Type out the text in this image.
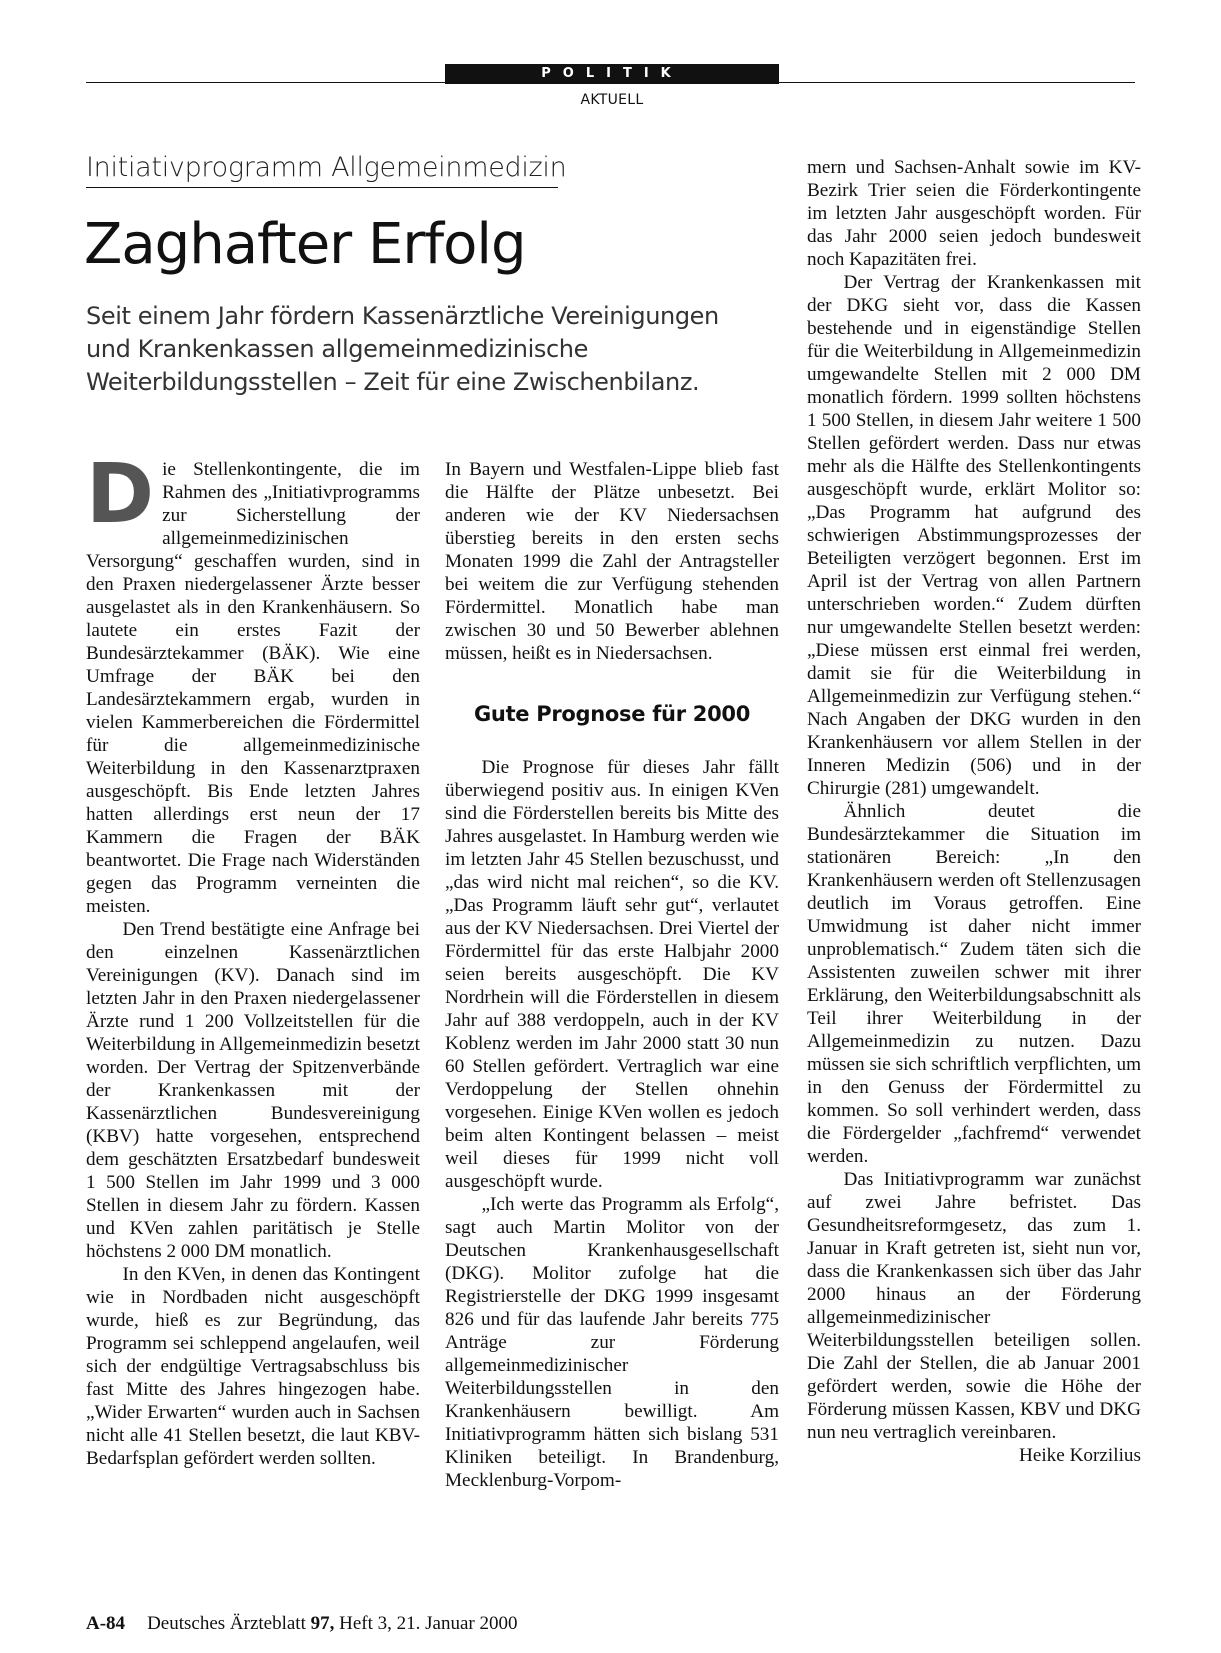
POLITIK
AKTUELL
Initiativprogramm Allgemeinmedizin
Zaghafter Erfolg
Seit einem Jahr fördern Kassenärztliche Vereinigungen und Krankenkassen allgemeinmedizinische Weiterbildungsstellen – Zeit für eine Zwischenbilanz.

Die Stellenkontingente, die im Rahmen des „Initiativprogramms zur Sicherstellung der allgemeinmedizinischen Versorgung“ geschaffen wurden, sind in den Praxen niedergelassener Ärzte besser ausgelastet als in den Krankenhäusern. So lautete ein erstes Fazit der Bundesärztekammer (BÄK). Wie eine Umfrage der BÄK bei den Landesärztekammern ergab, wurden in vielen Kammerbereichen die Fördermittel für die allgemeinmedizinische Weiterbildung in den Kassenarztpraxen ausgeschöpft. Bis Ende letzten Jahres hatten allerdings erst neun der 17 Kammern die Fragen der BÄK beantwortet. Die Frage nach Widerständen gegen das Programm verneinten die meisten.

Den Trend bestätigte eine Anfrage bei den einzelnen Kassenärztlichen Vereinigungen (KV). Danach sind im letzten Jahr in den Praxen niedergelassener Ärzte rund 1 200 Vollzeitstellen für die Weiterbildung in Allgemeinmedizin besetzt worden. Der Vertrag der Spitzenverbände der Krankenkassen mit der Kassenärztlichen Bundesvereinigung (KBV) hatte vorgesehen, entsprechend dem geschätzten Ersatzbedarf bundesweit 1 500 Stellen im Jahr 1999 und 3 000 Stellen in diesem Jahr zu fördern. Kassen und KVen zahlen paritätisch je Stelle höchstens 2 000 DM monatlich.

In den KVen, in denen das Kontingent wie in Nordbaden nicht ausgeschöpft wurde, hieß es zur Begründung, das Programm sei schleppend angelaufen, weil sich der endgültige Vertragsabschluss bis fast Mitte des Jahres hingezogen habe. „Wider Erwarten“ wurden auch in Sachsen nicht alle 41 Stellen besetzt, die laut KBV-Bedarfsplan gefördert werden sollten.

In Bayern und Westfalen-Lippe blieb fast die Hälfte der Plätze unbesetzt. Bei anderen wie der KV Niedersachsen überstieg bereits in den ersten sechs Monaten 1999 die Zahl der Antragsteller bei weitem die zur Verfügung stehenden Fördermittel. Monatlich habe man zwischen 30 und 50 Bewerber ablehnen müssen, heißt es in Niedersachsen.

Gute Prognose für 2000

Die Prognose für dieses Jahr fällt überwiegend positiv aus. In einigen KVen sind die Förderstellen bereits bis Mitte des Jahres ausgelastet. In Hamburg werden wie im letzten Jahr 45 Stellen bezuschusst, und „das wird nicht mal reichen“, so die KV. „Das Programm läuft sehr gut“, verlautet aus der KV Niedersachsen. Drei Viertel der Fördermittel für das erste Halbjahr 2000 seien bereits ausgeschöpft. Die KV Nordrhein will die Förderstellen in diesem Jahr auf 388 verdoppeln, auch in der KV Koblenz werden im Jahr 2000 statt 30 nun 60 Stellen gefördert. Vertraglich war eine Verdoppelung der Stellen ohnehin vorgesehen. Einige KVen wollen es jedoch beim alten Kontingent belassen – meist weil dieses für 1999 nicht voll ausgeschöpft wurde.

„Ich werte das Programm als Erfolg“, sagt auch Martin Molitor von der Deutschen Krankenhausgesellschaft (DKG). Molitor zufolge hat die Registrierstelle der DKG 1999 insgesamt 826 und für das laufende Jahr bereits 775 Anträge zur Förderung allgemeinmedizinischer Weiterbildungsstellen in den Krankenhäusern bewilligt. Am Initiativprogramm hätten sich bislang 531 Kliniken beteiligt. In Brandenburg, Mecklenburg-Vorpom-

mern und Sachsen-Anhalt sowie im KV-Bezirk Trier seien die Förderkontingente im letzten Jahr ausgeschöpft worden. Für das Jahr 2000 seien jedoch bundesweit noch Kapazitäten frei.

Der Vertrag der Krankenkassen mit der DKG sieht vor, dass die Kassen bestehende und in eigenständige Stellen für die Weiterbildung in Allgemeinmedizin umgewandelte Stellen mit 2 000 DM monatlich fördern. 1999 sollten höchstens 1 500 Stellen, in diesem Jahr weitere 1 500 Stellen gefördert werden. Dass nur etwas mehr als die Hälfte des Stellenkontingents ausgeschöpft wurde, erklärt Molitor so: „Das Programm hat aufgrund des schwierigen Abstimmungsprozesses der Beteiligten verzögert begonnen. Erst im April ist der Vertrag von allen Partnern unterschrieben worden.“ Zudem dürften nur umgewandelte Stellen besetzt werden: „Diese müssen erst einmal frei werden, damit sie für die Weiterbildung in Allgemeinmedizin zur Verfügung stehen.“ Nach Angaben der DKG wurden in den Krankenhäusern vor allem Stellen in der Inneren Medizin (506) und in der Chirurgie (281) umgewandelt.

Ähnlich deutet die Bundesärztekammer die Situation im stationären Bereich: „In den Krankenhäusern werden oft Stellenzusagen deutlich im Voraus getroffen. Eine Umwidmung ist daher nicht immer unproblematisch.“ Zudem täten sich die Assistenten zuweilen schwer mit ihrer Erklärung, den Weiterbildungsabschnitt als Teil ihrer Weiterbildung in der Allgemeinmedizin zu nutzen. Dazu müssen sie sich schriftlich verpflichten, um in den Genuss der Fördermittel zu kommen. So soll verhindert werden, dass die Fördergelder „fachfremd“ verwendet werden.

Das Initiativprogramm war zunächst auf zwei Jahre befristet. Das Gesundheitsreformgesetz, das zum 1. Januar in Kraft getreten ist, sieht nun vor, dass die Krankenkassen sich über das Jahr 2000 hinaus an der Förderung allgemeinmedizinischer Weiterbildungsstellen beteiligen sollen. Die Zahl der Stellen, die ab Januar 2001 gefördert werden, sowie die Höhe der Förderung müssen Kassen, KBV und DKG nun neu vertraglich vereinbaren.
Heike Korzilius

A-84 Deutsches Ärzteblatt 97, Heft 3, 21. Januar 2000
